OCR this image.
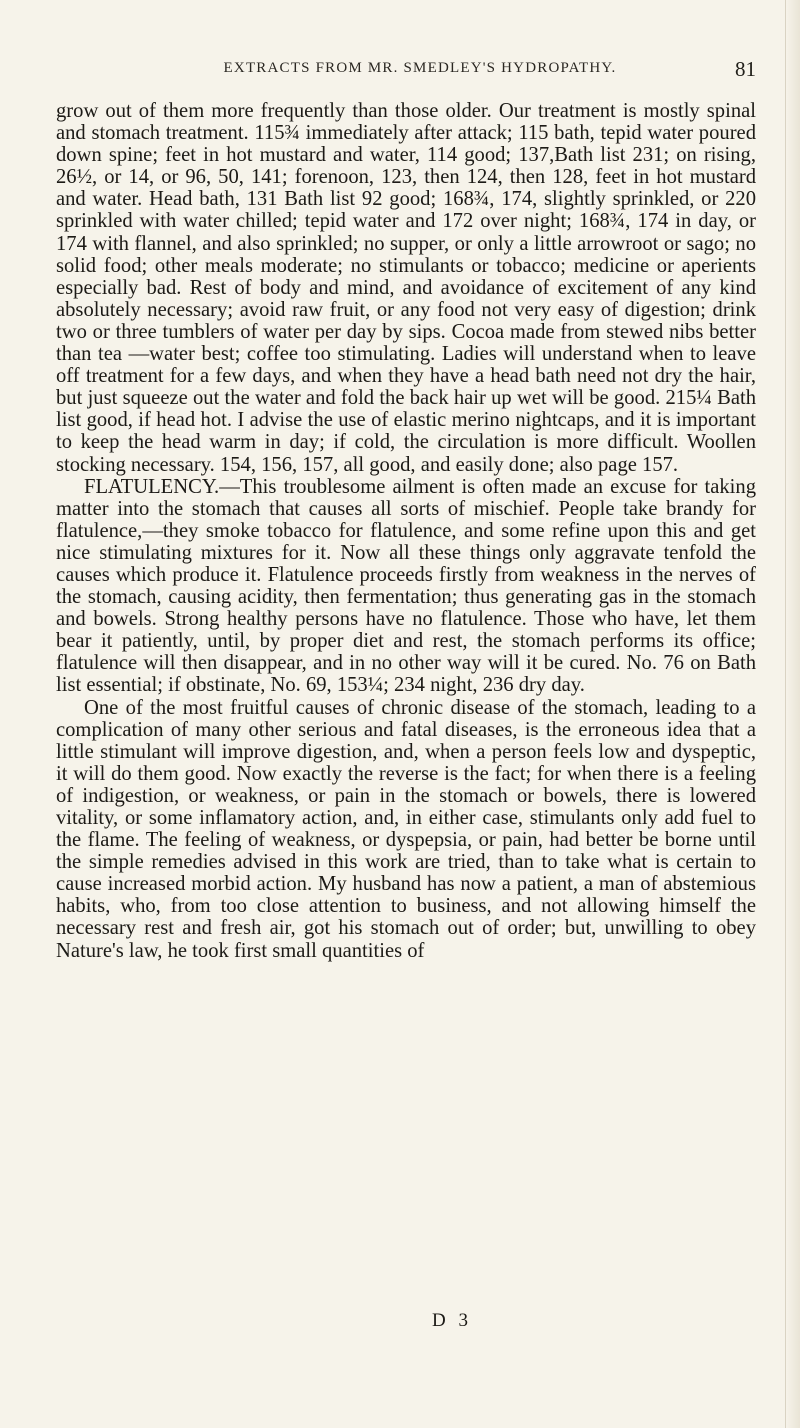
EXTRACTS FROM MR. SMEDLEY'S HYDROPATHY.	81

grow out of them more frequently than those older. Our treatment is mostly spinal and stomach treatment. 115¾ immediately after attack; 115 bath, tepid water poured down spine; feet in hot mustard and water, 114 good; 137,Bath list 231; on rising, 26½, or 14, or 96, 50, 141; forenoon, 123, then 124, then 128, feet in hot mustard and water. Head bath, 131 Bath list 92 good; 168¾, 174, slightly sprinkled, or 220 sprinkled with water chilled; tepid water and 172 over night; 168¾, 174 in day, or 174 with flannel, and also sprinkled; no supper, or only a little arrowroot or sago; no solid food; other meals moderate; no stimulants or tobacco; medicine or aperients especially bad. Rest of body and mind, and avoidance of excitement of any kind absolutely necessary; avoid raw fruit, or any food not very easy of digestion; drink two or three tumblers of water per day by sips. Cocoa made from stewed nibs better than tea —water best; coffee too stimulating. Ladies will understand when to leave off treatment for a few days, and when they have a head bath need not dry the hair, but just squeeze out the water and fold the back hair up wet will be good. 215¼ Bath list good, if head hot. I advise the use of elastic merino nightcaps, and it is important to keep the head warm in day; if cold, the circulation is more difficult. Woollen stocking necessary. 154, 156, 157, all good, and easily done; also page 157.

FLATULENCY.—This troublesome ailment is often made an excuse for taking matter into the stomach that causes all sorts of mischief. People take brandy for flatulence,—they smoke tobacco for flatulence, and some refine upon this and get nice stimulating mixtures for it. Now all these things only aggravate tenfold the causes which produce it. Flatulence proceeds firstly from weakness in the nerves of the stomach, causing acidity, then fermentation; thus generating gas in the stomach and bowels. Strong healthy persons have no flatulence. Those who have, let them bear it patiently, until, by proper diet and rest, the stomach performs its office; flatulence will then disappear, and in no other way will it be cured. No. 76 on Bath list essential; if obstinate, No. 69, 153¼; 234 night, 236 dry day.

One of the most fruitful causes of chronic disease of the stomach, leading to a complication of many other serious and fatal diseases, is the erroneous idea that a little stimulant will improve digestion, and, when a person feels low and dyspeptic, it will do them good. Now exactly the reverse is the fact; for when there is a feeling of indigestion, or weakness, or pain in the stomach or bowels, there is lowered vitality, or some inflamatory action, and, in either case, stimulants only add fuel to the flame. The feeling of weakness, or dyspepsia, or pain, had better be borne until the simple remedies advised in this work are tried, than to take what is certain to cause increased morbid action. My husband has now a patient, a man of abstemious habits, who, from too close attention to business, and not allowing himself the necessary rest and fresh air, got his stomach out of order; but, unwilling to obey Nature's law, he took first small quantities of

D 3
